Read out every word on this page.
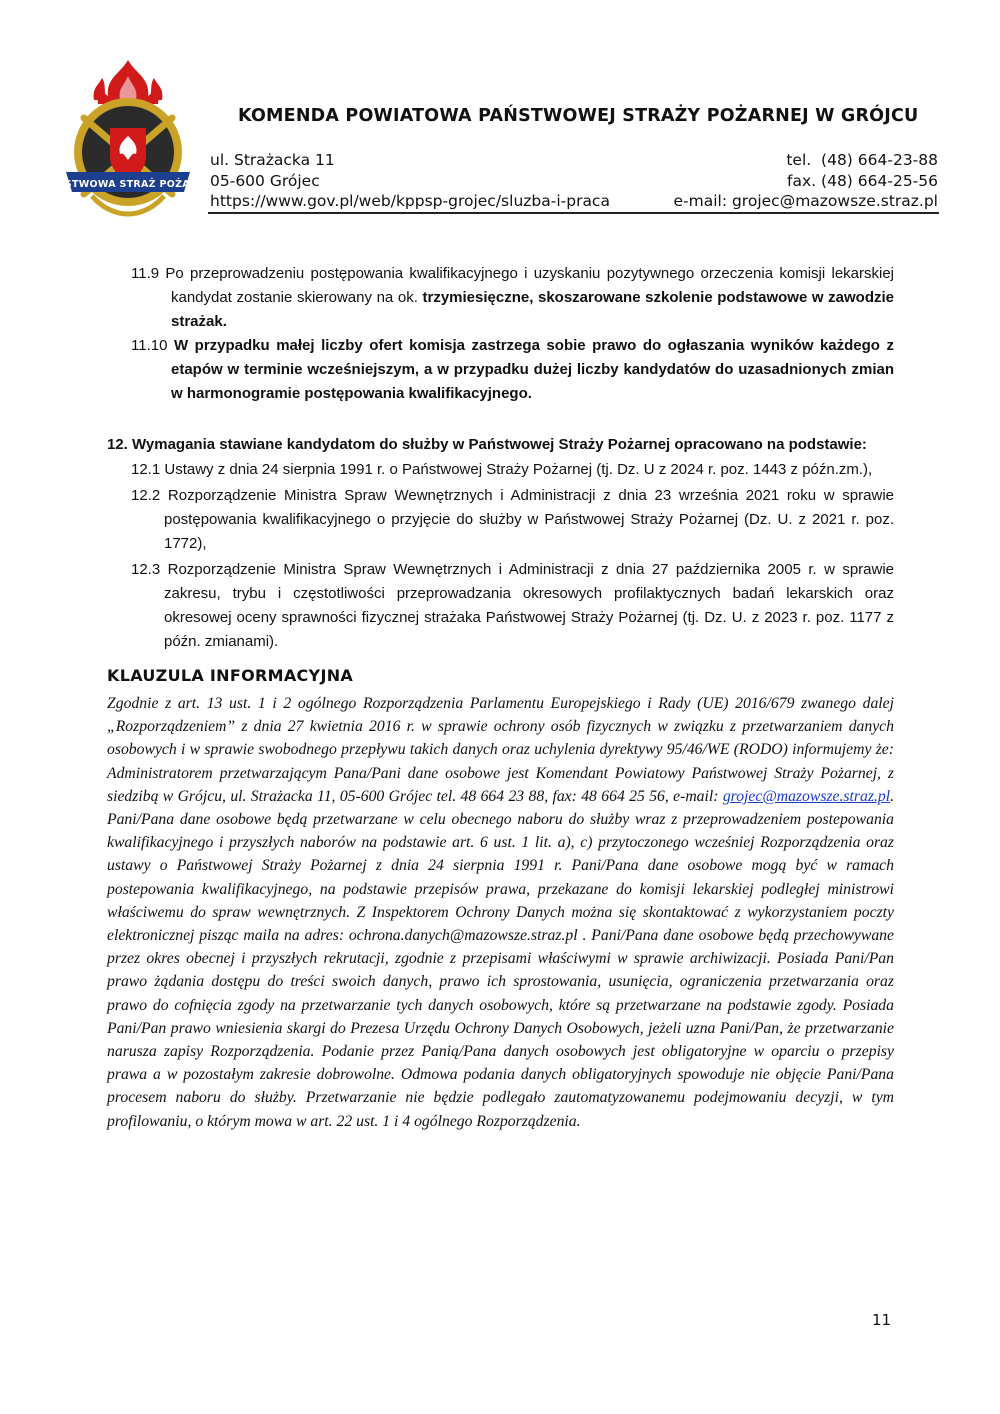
PAŃSTWOWA STRAŻ POŻARNA
KOMENDA POWIATOWA PAŃSTWOWEJ STRAŻY POŻARNEJ W GRÓJCU
ul. Strażacka 11
05-600 Grójec
https://www.gov.pl/web/kppsp-grojec/sluzba-i-praca
tel.  (48) 664-23-88
fax. (48) 664-25-56
e-mail: grojec@mazowsze.straz.pl
11.9 Po przeprowadzeniu postępowania kwalifikacyjnego i uzyskaniu pozytywnego orzeczenia komisji lekarskiej kandydat zostanie skierowany na ok. trzymiesięczne, skoszarowane szkolenie podstawowe w zawodzie strażak.
11.10 W przypadku małej liczby ofert komisja zastrzega sobie prawo do ogłaszania wyników każdego z etapów w terminie wcześniejszym, a w przypadku dużej liczby kandydatów do uzasadnionych zmian w harmonogramie postępowania kwalifikacyjnego.
12. Wymagania stawiane kandydatom do służby w Państwowej Straży Pożarnej opracowano na podstawie:
12.1 Ustawy z dnia 24 sierpnia 1991 r. o Państwowej Straży Pożarnej (tj. Dz. U z 2024 r. poz. 1443 z późn.zm.),
12.2 Rozporządzenie Ministra Spraw Wewnętrznych i Administracji z dnia 23 września 2021 roku w sprawie postępowania kwalifikacyjnego o przyjęcie do służby w Państwowej Straży Pożarnej (Dz. U. z 2021 r. poz. 1772),
12.3 Rozporządzenie Ministra Spraw Wewnętrznych i Administracji z dnia 27 października 2005 r. w sprawie zakresu, trybu i częstotliwości przeprowadzania okresowych profilaktycznych badań lekarskich oraz okresowej oceny sprawności fizycznej strażaka Państwowej Straży Pożarnej (tj. Dz. U. z 2023 r. poz. 1177 z późn. zmianami).
KLAUZULA INFORMACYJNA
Zgodnie z art. 13 ust. 1 i 2 ogólnego Rozporządzenia Parlamentu Europejskiego i Rady (UE) 2016/679 zwanego dalej „Rozporządzeniem” z dnia 27 kwietnia 2016 r. w sprawie ochrony osób fizycznych w związku z przetwarzaniem danych osobowych i w sprawie swobodnego przepływu takich danych oraz uchylenia dyrektywy 95/46/WE (RODO) informujemy że: Administratorem przetwarzającym Pana/Pani dane osobowe jest Komendant Powiatowy Państwowej Straży Pożarnej, z siedzibą w Grójcu, ul. Strażacka 11, 05-600 Grójec tel. 48 664 23 88, fax: 48 664 25 56, e-mail: grojec@mazowsze.straz.pl. Pani/Pana dane osobowe będą przetwarzane w celu obecnego naboru do służby wraz z przeprowadzeniem postepowania kwalifikacyjnego i przyszłych naborów na podstawie art. 6 ust. 1 lit. a), c) przytoczonego wcześniej Rozporządzenia oraz ustawy o Państwowej Straży Pożarnej z dnia 24 sierpnia 1991 r. Pani/Pana dane osobowe mogą być w ramach postepowania kwalifikacyjnego, na podstawie przepisów prawa, przekazane do komisji lekarskiej podległej ministrowi właściwemu do spraw wewnętrznych. Z Inspektorem Ochrony Danych można się skontaktować z wykorzystaniem poczty elektronicznej pisząc maila na adres: ochrona.danych@mazowsze.straz.pl . Pani/Pana dane osobowe będą przechowywane przez okres obecnej i przyszłych rekrutacji, zgodnie z przepisami właściwymi w sprawie archiwizacji. Posiada Pani/Pan prawo żądania dostępu do treści swoich danych, prawo ich sprostowania, usunięcia, ograniczenia przetwarzania oraz prawo do cofnięcia zgody na przetwarzanie tych danych osobowych, które są przetwarzane na podstawie zgody. Posiada Pani/Pan prawo wniesienia skargi do Prezesa Urzędu Ochrony Danych Osobowych, jeżeli uzna Pani/Pan, że przetwarzanie narusza zapisy Rozporządzenia. Podanie przez Panią/Pana danych osobowych jest obligatoryjne w oparciu o przepisy prawa a w pozostałym zakresie dobrowolne. Odmowa podania danych obligatoryjnych spowoduje nie objęcie Pani/Pana procesem naboru do służby. Przetwarzanie nie będzie podlegało zautomatyzowanemu podejmowaniu decyzji, w tym profilowaniu, o którym mowa w art. 22 ust. 1 i 4 ogólnego Rozporządzenia.
11
